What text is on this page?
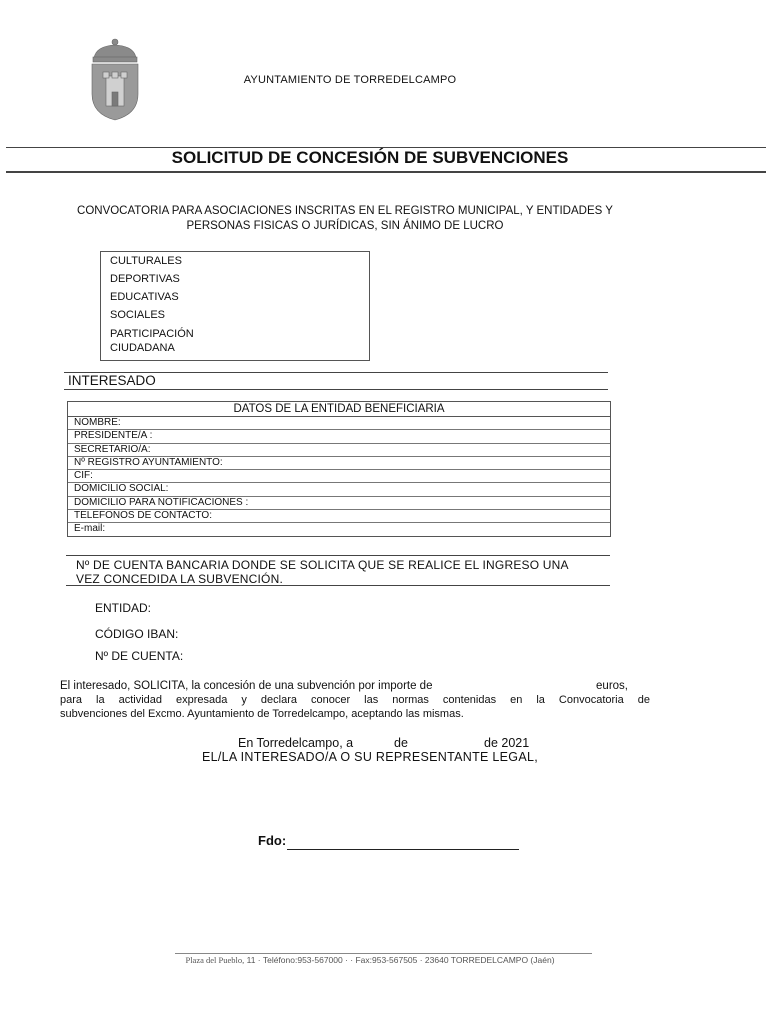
AYUNTAMIENTO DE TORREDELCAMPO
SOLICITUD DE CONCESIÓN DE SUBVENCIONES
CONVOCATORIA PARA ASOCIACIONES INSCRITAS EN EL REGISTRO MUNICIPAL, Y ENTIDADES Y
PERSONAS FISICAS O JURÍDICAS, SIN ÁNIMO DE LUCRO

CULTURALES

DEPORTIVAS

EDUCATIVAS

SOCIALES

PARTICIPACIÓN

CIUDADANA

INTERESADO
DATOS DE LA ENTIDAD BENEFICIARIA
NOMBRE:
PRESIDENTE/A :
SECRETARIO/A:
Nº REGISTRO AYUNTAMIENTO:
CIF:
DOMICILIO SOCIAL:
DOMICILIO PARA NOTIFICACIONES :
TELEFONOS DE CONTACTO:
E-mail:
Nº DE CUENTA BANCARIA DONDE SE SOLICITA QUE SE REALICE EL INGRESO UNA
VEZ CONCEDIDA LA SUBVENCIÓN.
ENTIDAD:
CÓDIGO IBAN:
Nº DE CUENTA:
El interesado, SOLICITA, la concesión de una subvención por importe de	euros,
para la actividad expresada y declara conocer las normas contenidas en la Convocatoria de
subvenciones del Excmo. Ayuntamiento de Torredelcampo, aceptando las mismas.
En Torredelcampo, a	de	de 2021
EL/LA INTERESADO/A O SU REPRESENTANTE LEGAL,
Fdo:
Plaza del Pueblo, 11 · Teléfono:953-567000 · · Fax:953-567505 · 23640 TORREDELCAMPO (Jaén)
